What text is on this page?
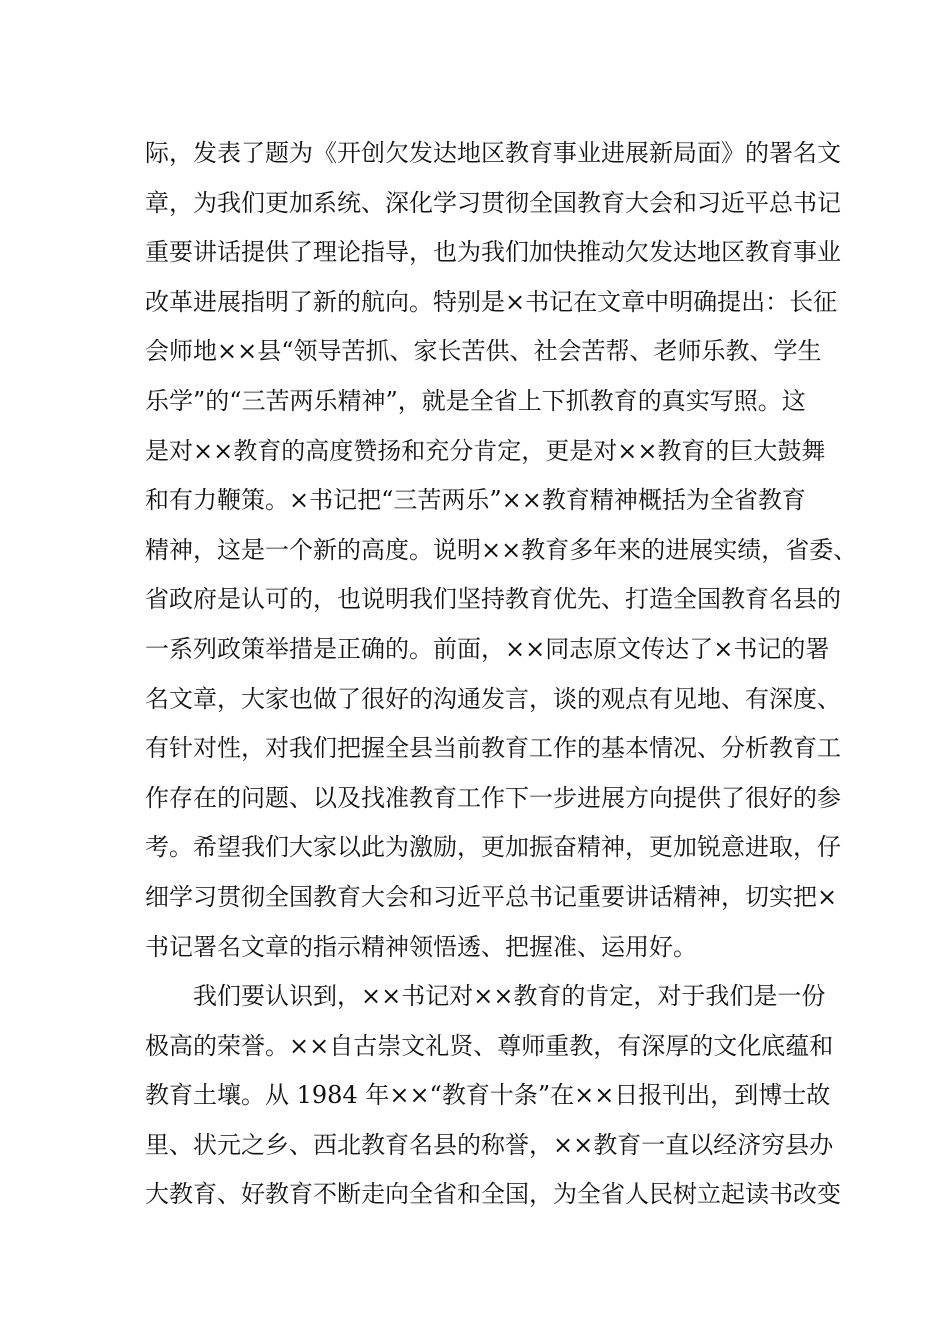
际，发表了题为《开创欠发达地区教育事业进展新局面》的署名文
章，为我们更加系统、深化学习贯彻全国教育大会和习近平总书记
重要讲话提供了理论指导，也为我们加快推动欠发达地区教育事业
改革进展指明了新的航向。特别是×书记在文章中明确提出：长征
会师地××县“领导苦抓、家长苦供、社会苦帮、老师乐教、学生
乐学”的“三苦两乐精神”，就是全省上下抓教育的真实写照。这
是对××教育的高度赞扬和充分肯定，更是对××教育的巨大鼓舞
和有力鞭策。×书记把“三苦两乐”××教育精神概括为全省教育
精神，这是一个新的高度。说明××教育多年来的进展实绩，省委、
省政府是认可的，也说明我们坚持教育优先、打造全国教育名县的
一系列政策举措是正确的。前面，××同志原文传达了×书记的署
名文章，大家也做了很好的沟通发言，谈的观点有见地、有深度、
有针对性，对我们把握全县当前教育工作的基本情况、分析教育工
作存在的问题、以及找准教育工作下一步进展方向提供了很好的参
考。希望我们大家以此为激励，更加振奋精神，更加锐意进取，仔
细学习贯彻全国教育大会和习近平总书记重要讲话精神，切实把×
书记署名文章的指示精神领悟透、把握准、运用好。
　　我们要认识到，××书记对××教育的肯定，对于我们是一份
极高的荣誉。××自古崇文礼贤、尊师重教，有深厚的文化底蕴和
教育土壤。从 1984 年××“教育十条”在××日报刊出，到博士故
里、状元之乡、西北教育名县的称誉，××教育一直以经济穷县办
大教育、好教育不断走向全省和全国，为全省人民树立起读书改变
